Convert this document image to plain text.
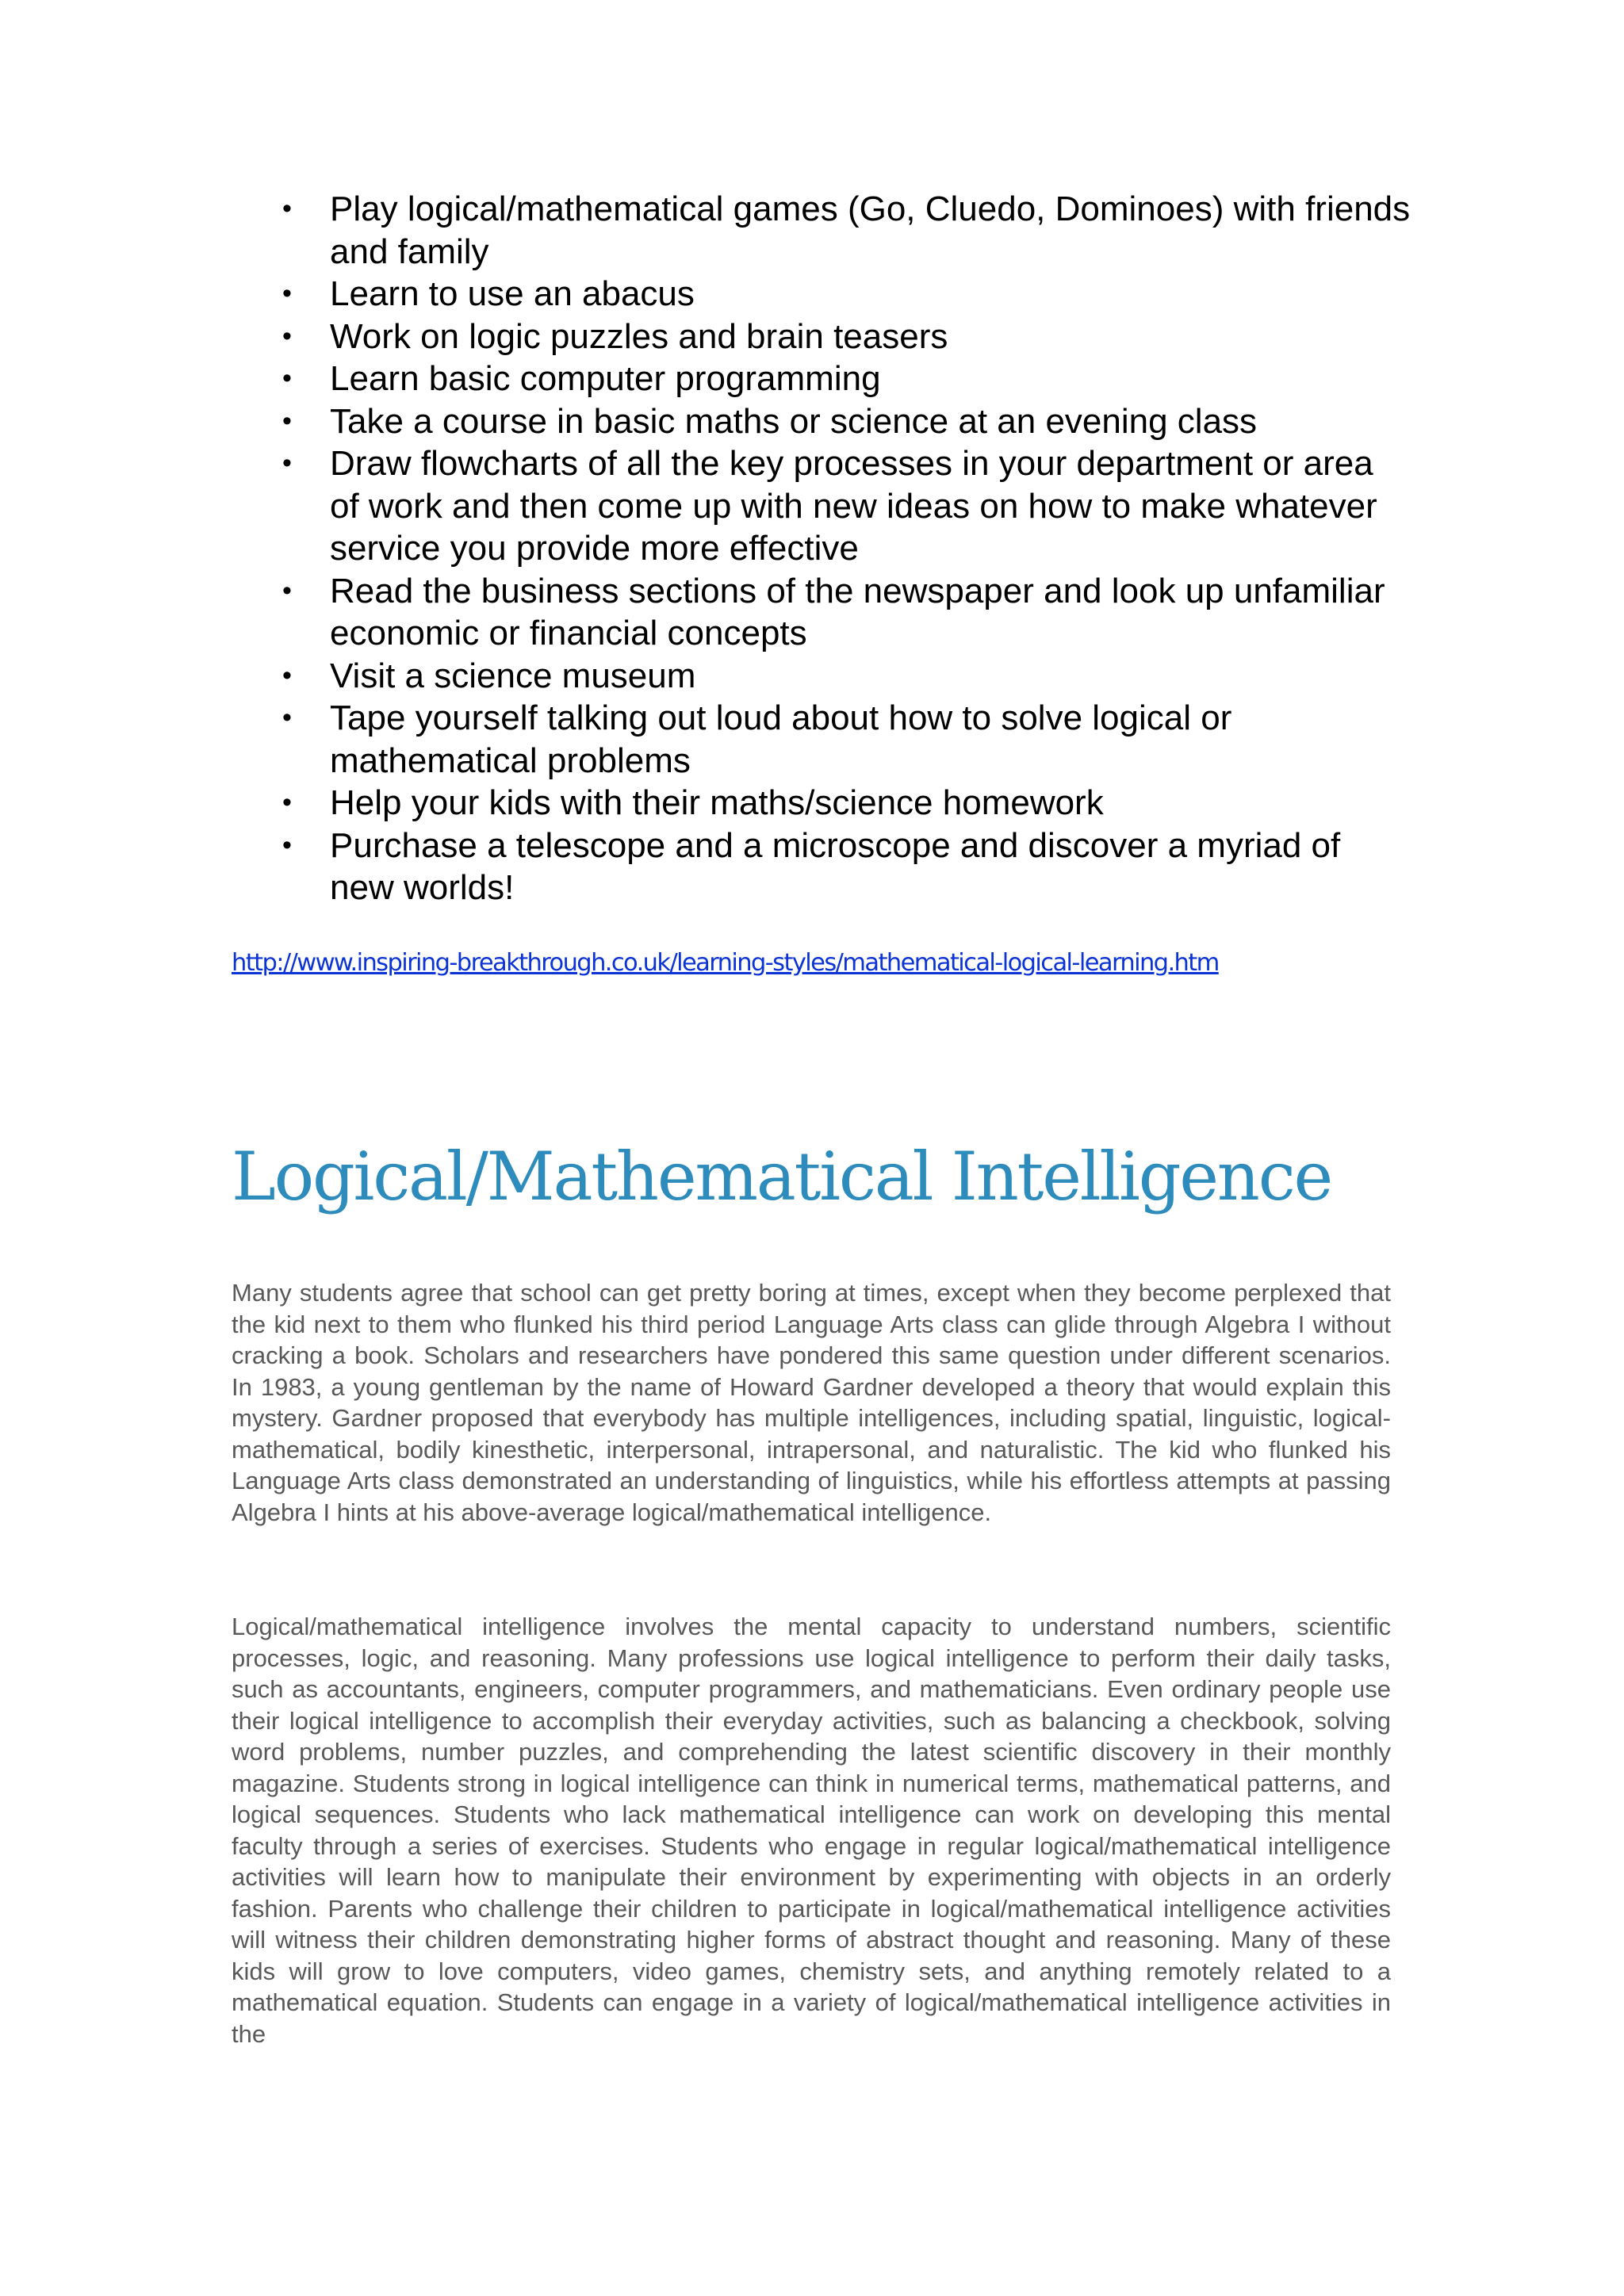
• Play logical/mathematical games (Go, Cluedo, Dominoes) with friends and family
• Learn to use an abacus
• Work on logic puzzles and brain teasers
• Learn basic computer programming
• Take a course in basic maths or science at an evening class
• Draw flowcharts of all the key processes in your department or area of work and then come up with new ideas on how to make whatever service you provide more effective
• Read the business sections of the newspaper and look up unfamiliar economic or financial concepts
• Visit a science museum
• Tape yourself talking out loud about how to solve logical or mathematical problems
• Help your kids with their maths/science homework
• Purchase a telescope and a microscope and discover a myriad of new worlds!
http://www.inspiring-breakthrough.co.uk/learning-styles/mathematical-logical-learning.htm
Logical/Mathematical Intelligence

Many students agree that school can get pretty boring at times, except when they become perplexed that the kid next to them who flunked his third period Language Arts class can glide through Algebra I without cracking a book. Scholars and researchers have pondered this same question under different scenarios. In 1983, a young gentleman by the name of Howard Gardner developed a theory that would explain this mystery. Gardner proposed that everybody has multiple intelligences, including spatial, linguistic, logical-mathematical, bodily kinesthetic, interpersonal, intrapersonal, and naturalistic. The kid who flunked his Language Arts class demonstrated an understanding of linguistics, while his effortless attempts at passing Algebra I hints at his above-average logical/mathematical intelligence.

Logical/mathematical intelligence involves the mental capacity to understand numbers, scientific processes, logic, and reasoning. Many professions use logical intelligence to perform their daily tasks, such as accountants, engineers, computer programmers, and mathematicians. Even ordinary people use their logical intelligence to accomplish their everyday activities, such as balancing a checkbook, solving word problems, number puzzles, and comprehending the latest scientific discovery in their monthly magazine. Students strong in logical intelligence can think in numerical terms, mathematical patterns, and logical sequences. Students who lack mathematical intelligence can work on developing this mental faculty through a series of exercises. Students who engage in regular logical/mathematical intelligence activities will learn how to manipulate their environment by experimenting with objects in an orderly fashion. Parents who challenge their children to participate in logical/mathematical intelligence activities will witness their children demonstrating higher forms of abstract thought and reasoning. Many of these kids will grow to love computers, video games, chemistry sets, and anything remotely related to a mathematical equation. Students can engage in a variety of logical/mathematical intelligence activities in the
